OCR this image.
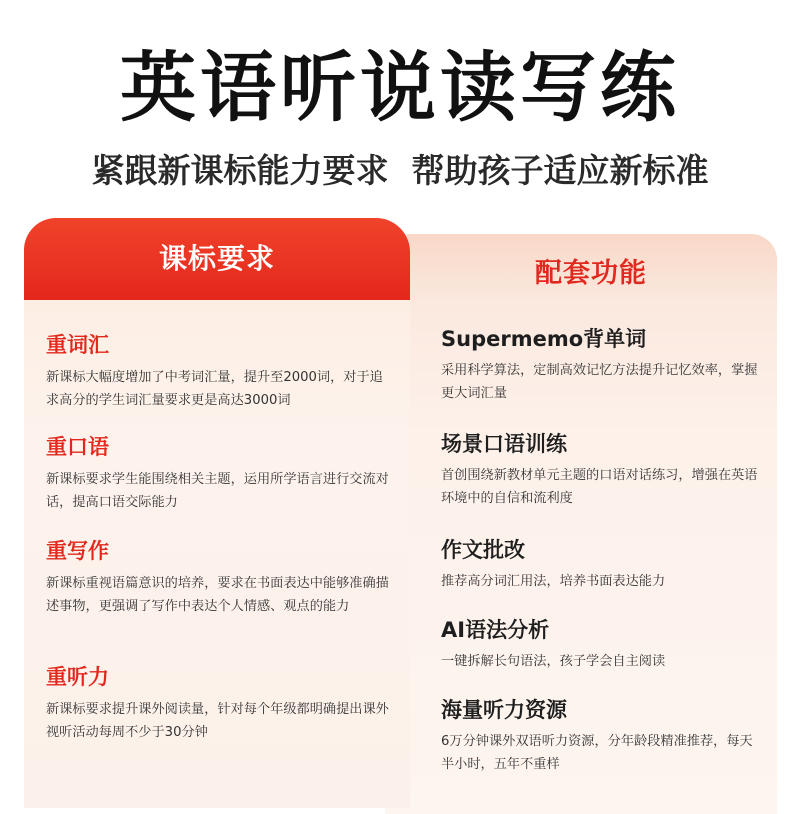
英语听说读写练
紧跟新课标能力要求  帮助孩子适应新标准
配套功能
课标要求
重词汇

新课标大幅度增加了中考词汇量，提升至2000词，对于追求高分的学生词汇量要求更是高达3000词

重口语

新课标要求学生能围绕相关主题，运用所学语言进行交流对话，提高口语交际能力

重写作

新课标重视语篇意识的培养，要求在书面表达中能够准确描述事物，更强调了写作中表达个人情感、观点的能力

重听力

新课标要求提升课外阅读量，针对每个年级都明确提出课外视听活动每周不少于30分钟

Supermemo背单词

采用科学算法，定制高效记忆方法提升记忆效率，掌握更大词汇量

场景口语训练

首创围绕新教材单元主题的口语对话练习，增强在英语环境中的自信和流利度

作文批改

推荐高分词汇用法，培养书面表达能力

AI语法分析

一键拆解长句语法，孩子学会自主阅读

海量听力资源

6万分钟课外双语听力资源，分年龄段精准推荐，每天半小时，五年不重样
